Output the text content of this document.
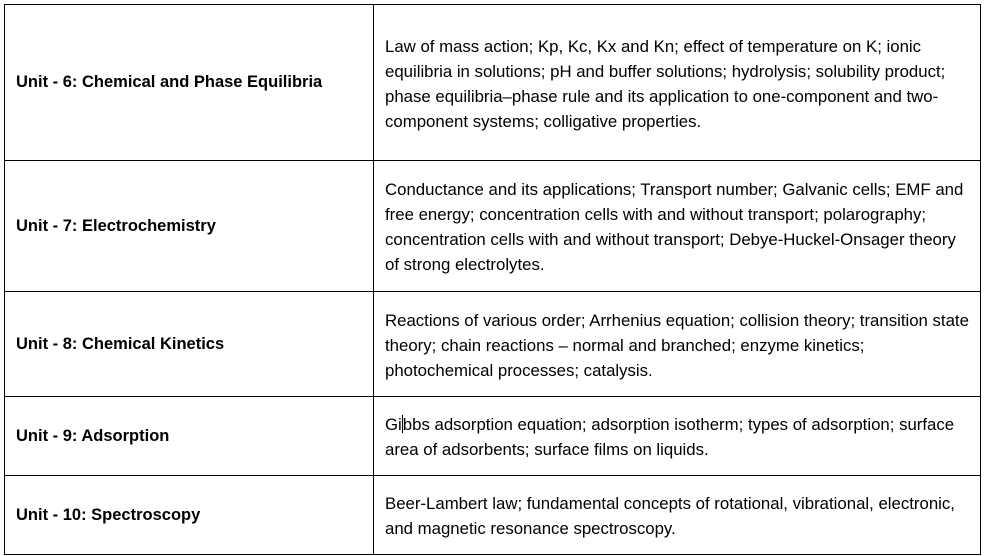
Unit - 6: Chemical and Phase Equilibria	Law of mass action; Kp, Kc, Kx and Kn; effect of temperature on K; ionic equilibria in solutions; pH and buffer solutions; hydrolysis; solubility product; phase equilibria–phase rule and its application to one-component and two-component systems; colligative properties.

Unit - 7: Electrochemistry	Conductance and its applications; Transport number; Galvanic cells; EMF and free energy; concentration cells with and without transport; polarography; concentration cells with and without transport; Debye-Huckel-Onsager theory of strong electrolytes.

Unit - 8: Chemical Kinetics	Reactions of various order; Arrhenius equation; collision theory; transition state theory; chain reactions – normal and branched; enzyme kinetics; photochemical processes; catalysis.

Unit - 9: Adsorption	Gibbs adsorption equation; adsorption isotherm; types of adsorption; surface area of adsorbents; surface films on liquids.

Unit - 10: Spectroscopy	Beer-Lambert law; fundamental concepts of rotational, vibrational, electronic, and magnetic resonance spectroscopy.
